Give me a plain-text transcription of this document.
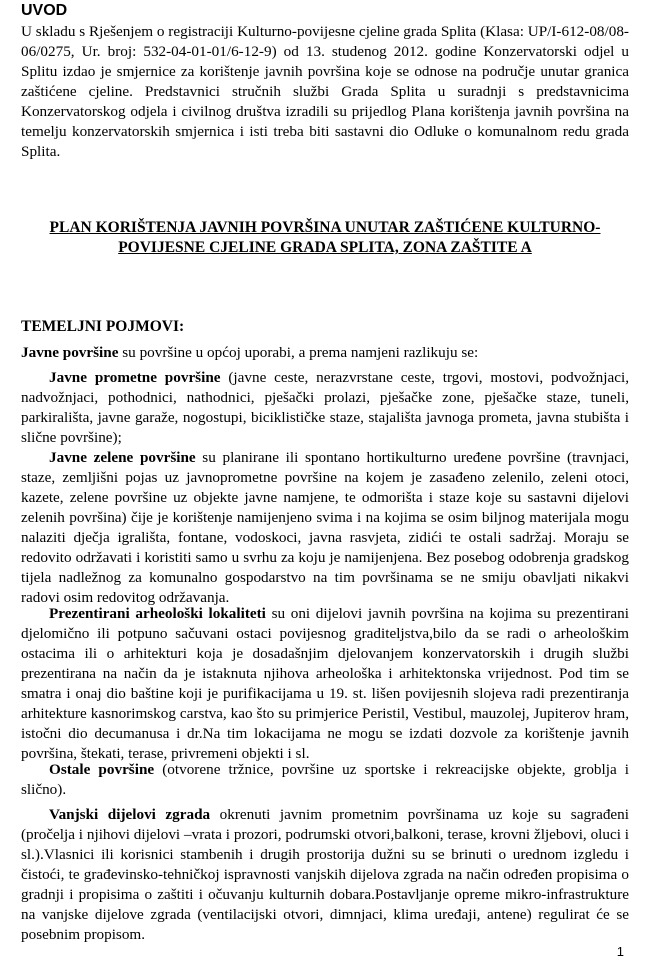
UVOD
U skladu s Rješenjem o registraciji Kulturno-povijesne cjeline grada Splita (Klasa: UP/I-612-08/08-06/0275, Ur. broj: 532-04-01-01/6-12-9) od 13. studenog 2012. godine Konzervatorski odjel u Splitu izdao je smjernice za korištenje javnih površina koje se odnose na područje unutar granica zaštićene cjeline. Predstavnici stručnih službi Grada Splita u suradnji s predstavnicima Konzervatorskog odjela i civilnog društva izradili su prijedlog Plana korištenja javnih površina na temelju konzervatorskih smjernica i isti treba biti sastavni dio Odluke o komunalnom redu grada Splita.
PLAN KORIŠTENJA JAVNIH POVRŠINA UNUTAR ZAŠTIĆENE KULTURNO-
POVIJESNE CJELINE GRADA SPLITA, ZONA ZAŠTITE A
TEMELJNI POJMOVI:
Javne površine su površine u općoj uporabi, a prema namjeni razlikuju se:
Javne prometne površine (javne ceste, nerazvrstane ceste, trgovi, mostovi, podvožnjaci, nadvožnjaci, pothodnici, nathodnici, pješački prolazi, pješačke zone, pješačke staze, tuneli, parkirališta, javne garaže, nogostupi, biciklističke staze, stajališta javnoga prometa, javna stubišta i slične površine);
Javne zelene površine su planirane ili spontano hortikulturno uređene površine (travnjaci, staze, zemljišni pojas uz javnoprometne površine na kojem je zasađeno zelenilo, zeleni otoci, kazete, zelene površine uz objekte javne namjene, te odmorišta i staze koje su sastavni dijelovi zelenih površina) čije je korištenje namijenjeno svima i na kojima se osim biljnog materijala mogu nalaziti dječja igrališta, fontane, vodoskoci, javna rasvjeta, zidići te ostali sadržaj. Moraju se redovito održavati i koristiti samo u svrhu za koju je namijenjena. Bez posebog odobrenja gradskog tijela nadležnog za komunalno gospodarstvo na tim površinama se ne smiju obavljati nikakvi radovi osim redovitog održavanja.
Prezentirani arheološki lokaliteti su oni dijelovi javnih površina na kojima su prezentirani djelomično ili potpuno sačuvani ostaci povijesnog graditeljstva,bilo da se radi o arheološkim ostacima ili o arhitekturi koja je dosadašnjim djelovanjem konzervatorskih i drugih službi prezentirana na način da je istaknuta njihova arheološka i arhitektonska vrijednost. Pod tim se smatra i onaj dio baštine koji je purifikacijama u 19. st. lišen povijesnih slojeva radi prezentiranja arhitekture kasnorimskog carstva, kao što su primjerice Peristil, Vestibul, mauzolej, Jupiterov hram, istočni dio decumanusa i dr.Na tim lokacijama ne mogu se izdati dozvole za korištenje javnih površina, štekati, terase, privremeni objekti i sl.
Ostale površine (otvorene tržnice, površine uz sportske i rekreacijske objekte, groblja i slično).
Vanjski dijelovi zgrada okrenuti javnim prometnim površinama uz koje su sagrađeni (pročelja i njihovi dijelovi –vrata i prozori, podrumski otvori,balkoni, terase, krovni žljebovi, oluci i sl.).Vlasnici ili korisnici stambenih i drugih prostorija dužni su se brinuti o urednom izgledu i čistoći, te građevinsko-tehničkoj ispravnosti vanjskih dijelova zgrada na način određen propisima o gradnji i propisima o zaštiti i očuvanju kulturnih dobara.Postavljanje opreme mikro-infrastrukture na vanjske dijelove zgrada (ventilacijski otvori, dimnjaci, klima uređaji, antene) regulirat će se posebnim propisom.
1
